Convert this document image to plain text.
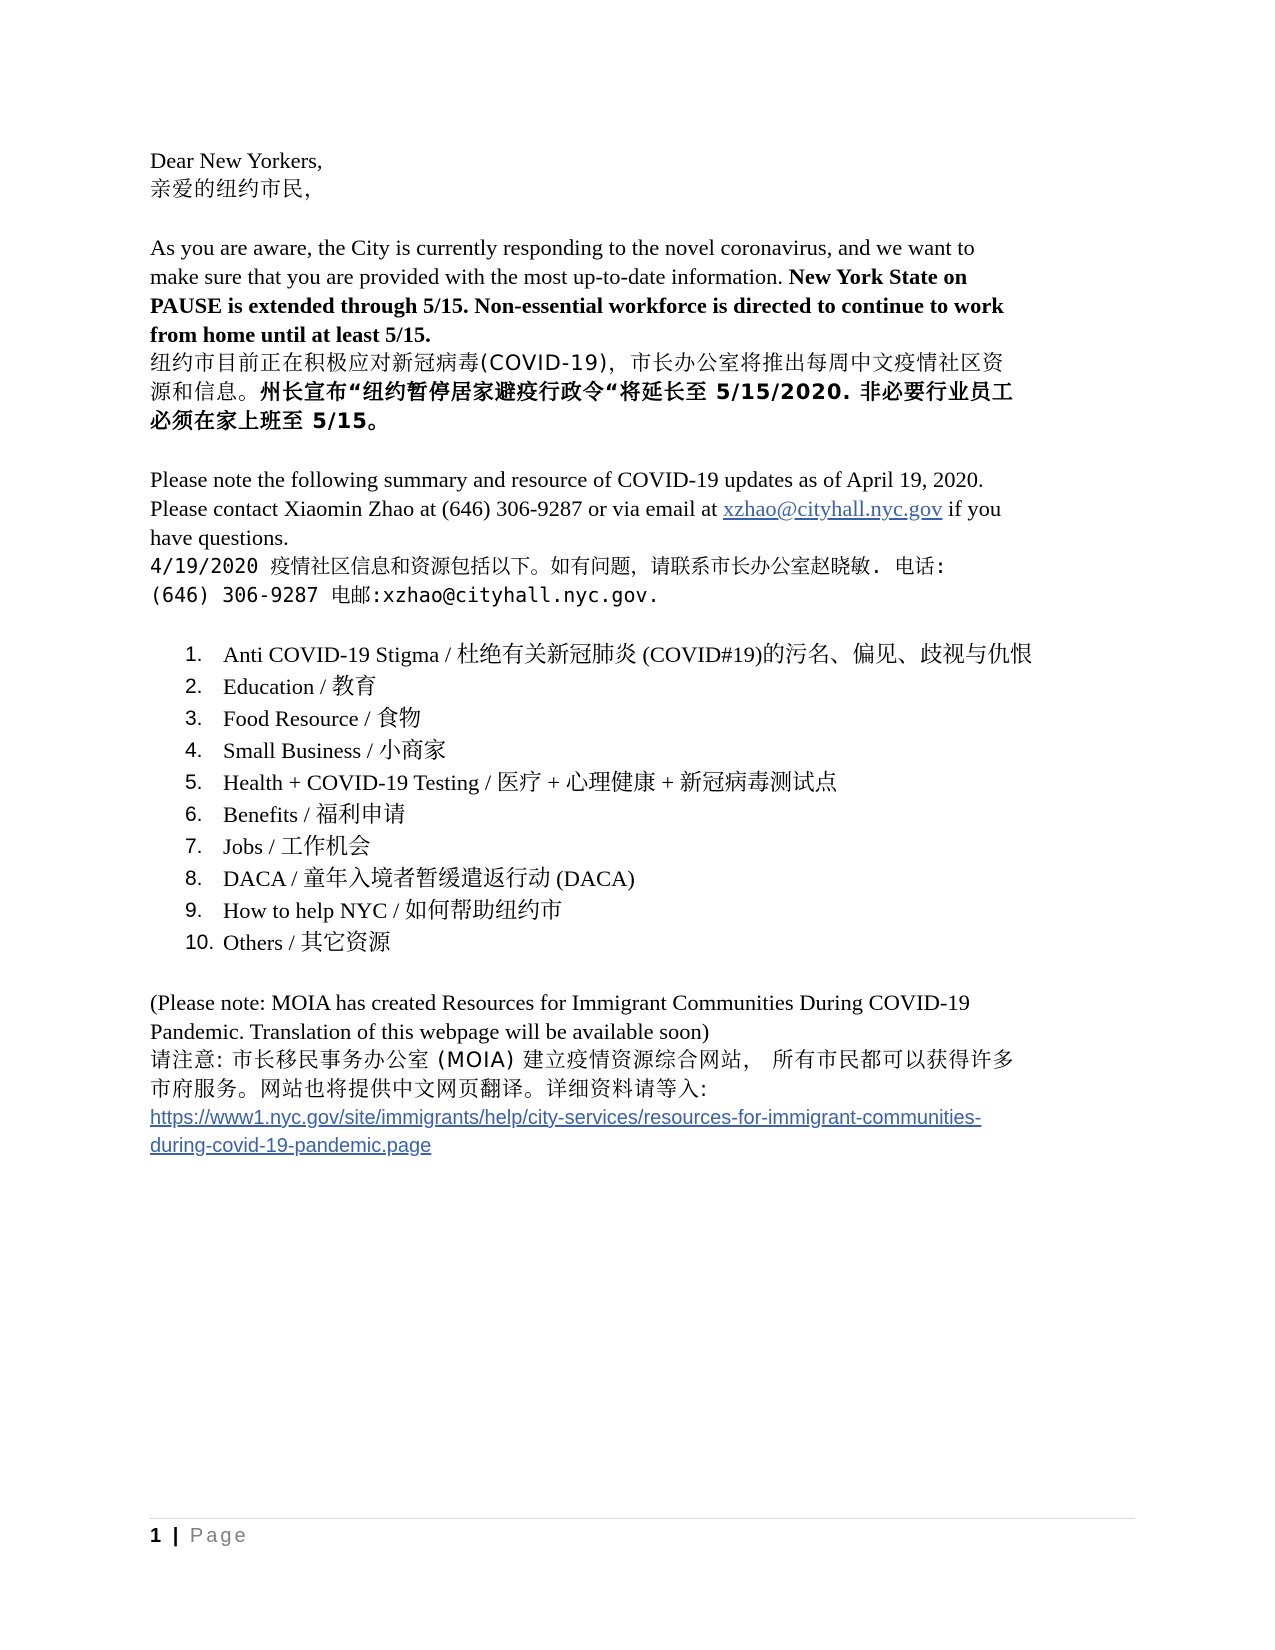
Dear New Yorkers,
亲爱的纽约市民，
As you are aware, the City is currently responding to the novel coronavirus, and we want to
make sure that you are provided with the most up-to-date information. New York State on
PAUSE is extended through 5/15. Non-essential workforce is directed to continue to work
from home until at least 5/15.
纽约市目前正在积极应对新冠病毒(COVID-19)，市长办公室将推出每周中文疫情社区资
源和信息。州长宣布“纽约暂停居家避疫行政令“将延长至 5/15/2020. 非必要行业员工
必须在家上班至 5/15。
Please note the following summary and resource of COVID-19 updates as of April 19, 2020.
Please contact Xiaomin Zhao at (646) 306-9287 or via email at xzhao@cityhall.nyc.gov if you
have questions.
4/19/2020 疫情社区信息和资源包括以下。如有问题，请联系市长办公室赵晓敏. 电话:
(646) 306-9287 电邮:xzhao@cityhall.nyc.gov.
1. Anti COVID-19 Stigma / 杜绝有关新冠肺炎 (COVID#19)的污名、偏见、歧视与仇恨
2. Education / 教育
3. Food Resource / 食物
4. Small Business / 小商家
5. Health + COVID-19 Testing / 医疗 + 心理健康 + 新冠病毒测试点
6. Benefits / 福利申请
7. Jobs / 工作机会
8. DACA / 童年入境者暂缓遣返行动 (DACA)
9. How to help NYC / 如何帮助纽约市
10. Others / 其它资源
(Please note: MOIA has created Resources for Immigrant Communities During COVID-19
Pandemic. Translation of this webpage will be available soon)
请注意: 市长移民事务办公室 (MOIA) 建立疫情资源综合网站， 所有市民都可以获得许多
市府服务。网站也将提供中文网页翻译。详细资料请等入:
https://www1.nyc.gov/site/immigrants/help/city-services/resources-for-immigrant-communities-
during-covid-19-pandemic.page
1 | Page
